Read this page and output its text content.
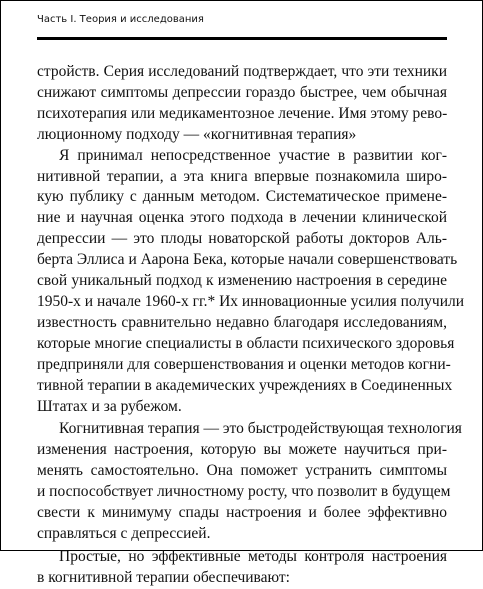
Часть I. Теория и исследования
стройств. Серия исследований подтверждает, что эти техники
снижают симптомы депрессии гораздо быстрее, чем обычная
психотерапия или медикаментозное лечение. Имя этому рево-
люционному подходу — «когнитивная терапия»
Я принимал непосредственное участие в развитии ког-
нитивной терапии, а эта книга впервые познакомила широ-
кую публику с данным методом. Систематическое примене-
ние и научная оценка этого подхода в лечении клинической
депрессии — это плоды новаторской работы докторов Аль-
берта Эллиса и Аарона Бека, которые начали совершенствовать
свой уникальный подход к изменению настроения в середине
1950-х и начале 1960-х гг.* Их инновационные усилия получили
известность сравнительно недавно благодаря исследованиям,
которые многие специалисты в области психического здоровья
предприняли для совершенствования и оценки методов когни-
тивной терапии в академических учреждениях в Соединенных
Штатах и за рубежом.
Когнитивная терапия — это быстродействующая технология
изменения настроения, которую вы можете научиться при-
менять самостоятельно. Она поможет устранить симптомы
и поспособствует личностному росту, что позволит в будущем
свести к минимуму спады настроения и более эффективно
справляться с депрессией.
Простые, но эффективные методы контроля настроения
в когнитивной терапии обеспечивают:
